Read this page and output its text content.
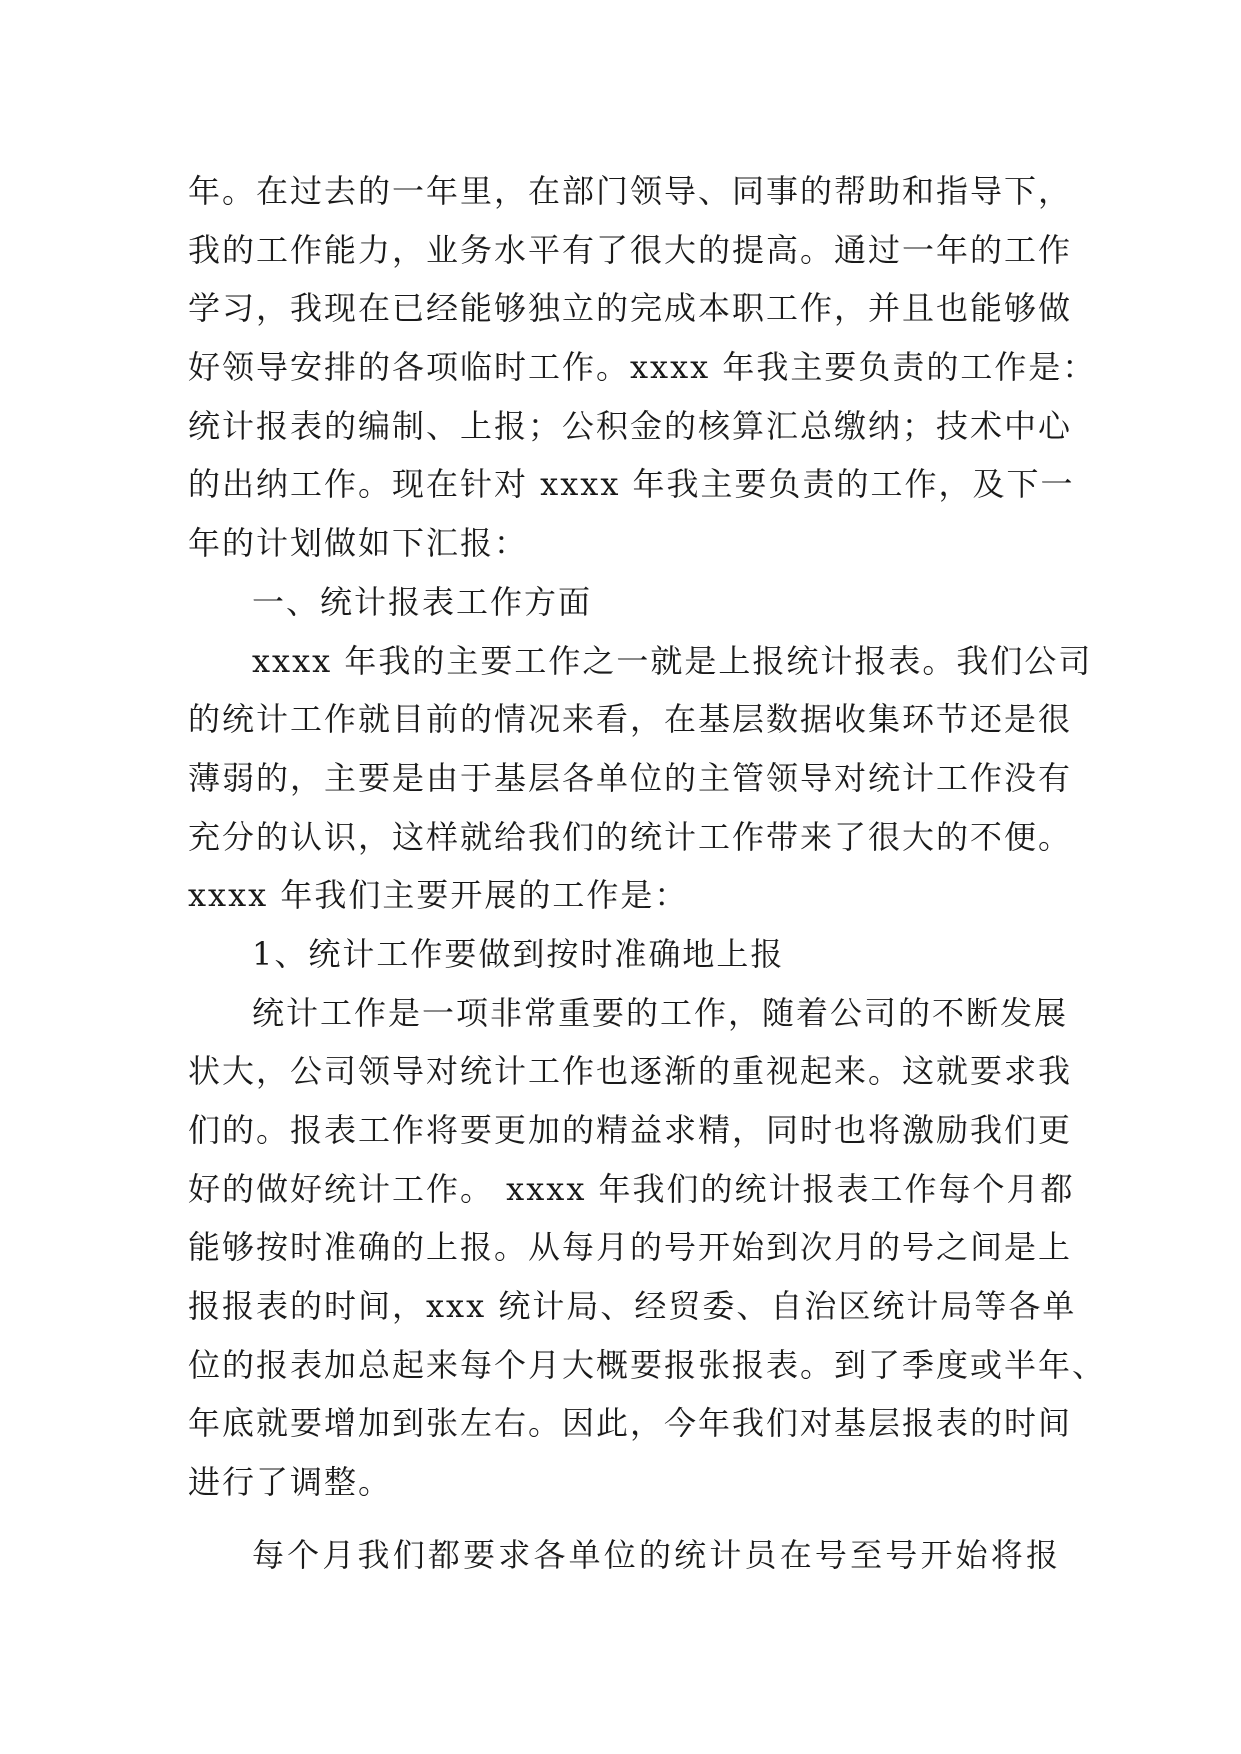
年。在过去的一年里，在部门领导、同事的帮助和指导下，
我的工作能力，业务水平有了很大的提高。通过一年的工作
学习，我现在已经能够独立的完成本职工作，并且也能够做
好领导安排的各项临时工作。xxxx 年我主要负责的工作是：
统计报表的编制、上报；公积金的核算汇总缴纳；技术中心
的出纳工作。现在针对 xxxx 年我主要负责的工作，及下一
年的计划做如下汇报：
一、统计报表工作方面
xxxx 年我的主要工作之一就是上报统计报表。我们公司
的统计工作就目前的情况来看，在基层数据收集环节还是很
薄弱的，主要是由于基层各单位的主管领导对统计工作没有
充分的认识，这样就给我们的统计工作带来了很大的不便。
xxxx 年我们主要开展的工作是：
1、统计工作要做到按时准确地上报
统计工作是一项非常重要的工作，随着公司的不断发展
状大，公司领导对统计工作也逐渐的重视起来。这就要求我
们的。报表工作将要更加的精益求精，同时也将激励我们更
好的做好统计工作。 xxxx 年我们的统计报表工作每个月都
能够按时准确的上报。从每月的号开始到次月的号之间是上
报报表的时间，xxx 统计局、经贸委、自治区统计局等各单
位的报表加总起来每个月大概要报张报表。到了季度或半年、
年底就要增加到张左右。因此，今年我们对基层报表的时间
进行了调整。
每个月我们都要求各单位的统计员在号至号开始将报
